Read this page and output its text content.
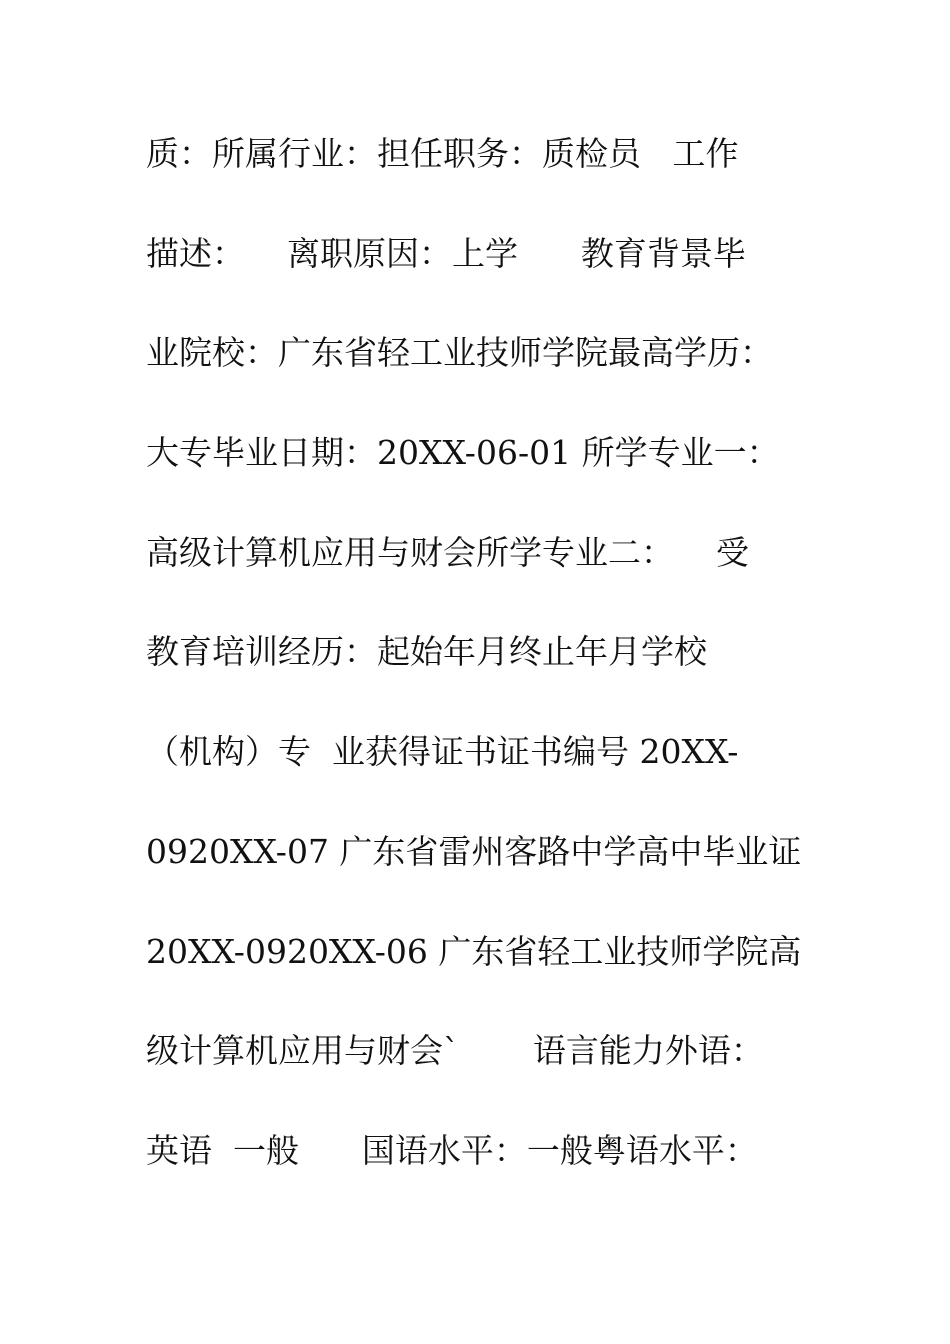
质：所属行业：担任职务：质检员   工作
描述：    离职原因：上学      教育背景毕
业院校：广东省轻工业技师学院最高学历：
大专毕业日期：20XX-06-01 所学专业一：
高级计算机应用与财会所学专业二：    受
教育培训经历：起始年月终止年月学校
（机构）专  业获得证书证书编号 20XX-
0920XX-07 广东省雷州客路中学高中毕业证
20XX-0920XX-06 广东省轻工业技师学院高
级计算机应用与财会`       语言能力外语：
英语  一般      国语水平：一般粤语水平：
